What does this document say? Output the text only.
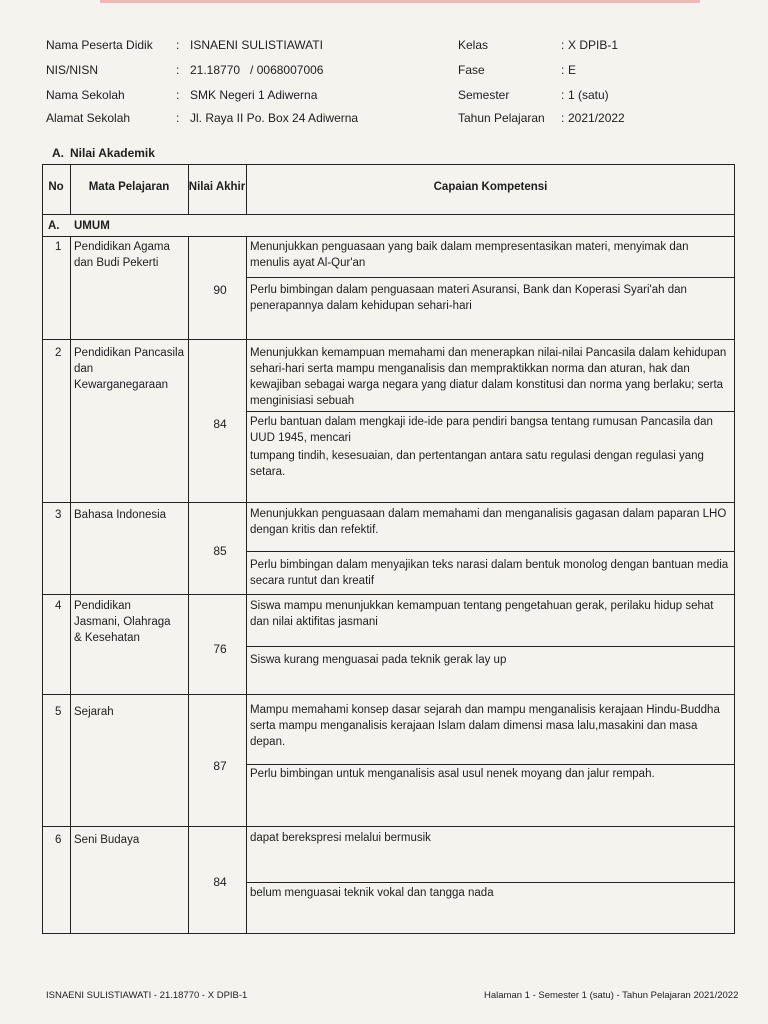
Nama Peserta Didik : ISNAENI SULISTIAWATI
NIS/NISN	: 21.18770   / 0068007006
Nama Sekolah	: SMK Negeri 1 Adiwerna
Alamat Sekolah	: Jl. Raya II Po. Box 24 Adiwerna
Kelas	: X DPIB-1
Fase	: E
Semester	: 1 (satu)
Tahun Pelajaran : 2021/2022
A. Nilai Akademik
No	Mata Pelajaran	Nilai Akhir	Capaian Kompetensi
A. UMUM
1 Pendidikan Agama dan Budi Pekerti
90
Menunjukkan penguasaan yang baik dalam mempresentasikan materi, menyimak dan menulis ayat Al-Qur'an
Perlu bimbingan dalam penguasaan materi Asuransi, Bank dan Koperasi Syari'ah dan penerapannya dalam kehidupan sehari-hari
2 Pendidikan Pancasila dan Kewarganegaraan
84
Menunjukkan kemampuan memahami dan menerapkan nilai-nilai Pancasila dalam kehidupan sehari-hari serta mampu menganalisis dan mempraktikkan norma dan aturan, hak dan kewajiban sebagai warga negara yang diatur dalam konstitusi dan norma yang berlaku; serta menginisiasi sebuah
Perlu bantuan dalam mengkaji ide-ide para pendiri bangsa tentang rumusan Pancasila dan UUD 1945, mencari
tumpang tindih, kesesuaian, dan pertentangan antara satu regulasi dengan regulasi yang setara.
3 Bahasa Indonesia
85
Menunjukkan penguasaan dalam memahami dan menganalisis gagasan dalam paparan LHO dengan kritis dan refektif.
Perlu bimbingan dalam menyajikan teks narasi dalam bentuk monolog dengan bantuan media secara runtut dan kreatif
4 Pendidikan Jasmani, Olahraga & Kesehatan
76
Siswa mampu menunjukkan kemampuan tentang pengetahuan gerak, perilaku hidup sehat dan nilai aktifitas jasmani
Siswa kurang menguasai pada teknik gerak lay up
5 Sejarah
87
Mampu memahami konsep dasar sejarah dan mampu menganalisis kerajaan Hindu-Buddha serta mampu menganalisis kerajaan Islam dalam dimensi masa lalu,masakini dan masa depan.
Perlu bimbingan untuk menganalisis asal usul nenek moyang dan jalur rempah.
6 Seni Budaya
84
dapat berekspresi melalui bermusik
belum menguasai teknik vokal dan tangga nada
ISNAENI SULISTIAWATI - 21.18770 - X DPIB-1	Halaman 1 - Semester 1 (satu) - Tahun Pelajaran 2021/2022
